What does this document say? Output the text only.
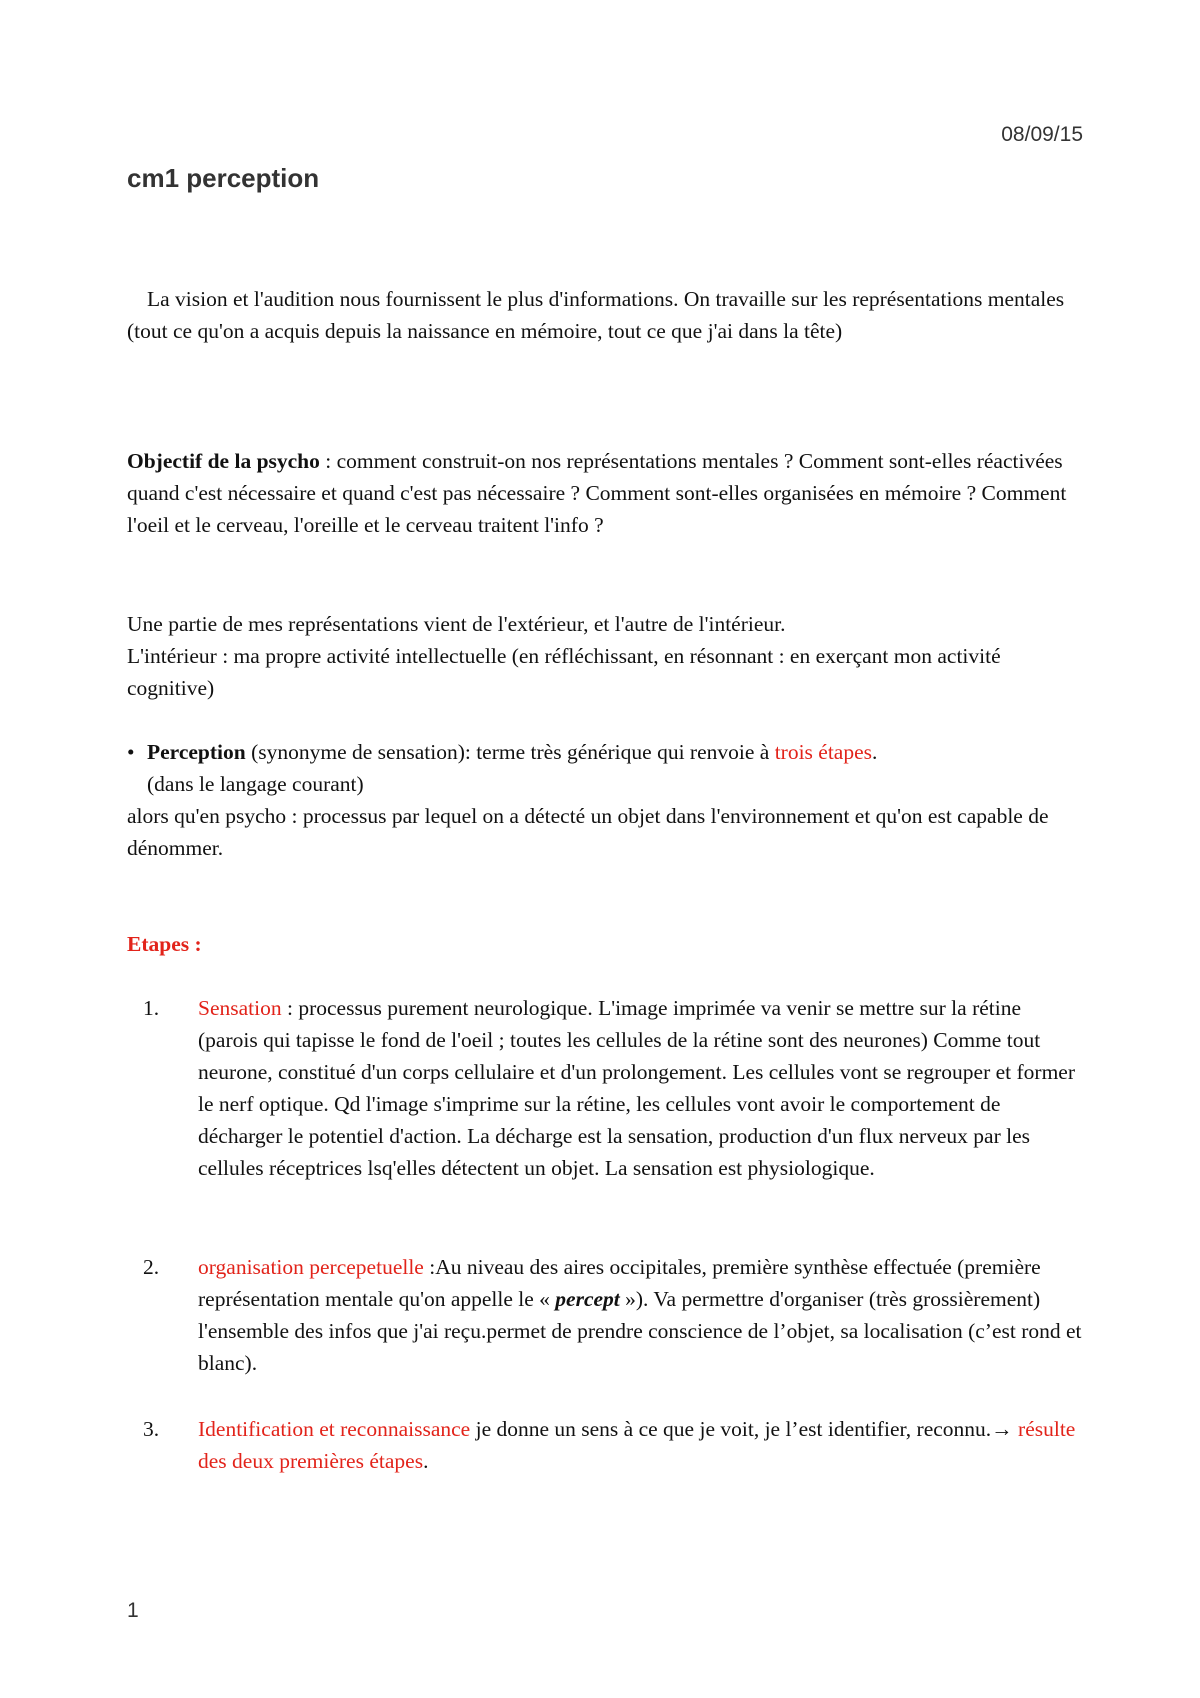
08/09/15
cm1 perception

La vision et l'audition nous fournissent le plus d'informations. On travaille sur les représentations mentales (tout ce qu'on a acquis depuis la naissance en mémoire, tout ce que j'ai dans la tête)

Objectif de la psycho : comment construit-on nos représentations mentales ? Comment sont-elles réactivées quand c'est nécessaire et quand c'est pas nécessaire ? Comment sont-elles organisées en mémoire ? Comment l'oeil et le cerveau, l'oreille et le cerveau traitent l'info ?

Une partie de mes représentations vient de l'extérieur, et l'autre de l'intérieur.

L'intérieur : ma propre activité intellectuelle (en réfléchissant, en résonnant : en exerçant mon activité cognitive)

• Perception (synonyme de sensation): terme très générique qui renvoie à trois étapes.
(dans le langage courant)

alors qu'en psycho : processus par lequel on a détecté un objet dans l'environnement et qu'on est capable de dénommer.

Etapes :
1. Sensation : processus purement neurologique. L'image imprimée va venir se mettre sur la rétine (parois qui tapisse le fond de l'oeil ; toutes les cellules de la rétine sont des neurones) Comme tout neurone, constitué d'un corps cellulaire et d'un prolongement. Les cellules vont se regrouper et former le nerf optique. Qd l'image s'imprime sur la rétine, les cellules vont avoir le comportement de décharger le potentiel d'action. La décharge est la sensation, production d'un flux nerveux par les cellules réceptrices lsq'elles détectent un objet. La sensation est physiologique.
2. organisation percepetuelle :Au niveau des aires occipitales, première synthèse effectuée (première représentation mentale qu'on appelle le « percept »). Va permettre d'organiser (très grossièrement) l'ensemble des infos que j'ai reçu.permet de prendre conscience de l’objet, sa localisation (c’est rond et blanc).
3. Identification et reconnaissance je donne un sens à ce que je voit, je l’est identifier, reconnu.→ résulte des deux premières étapes.
1
